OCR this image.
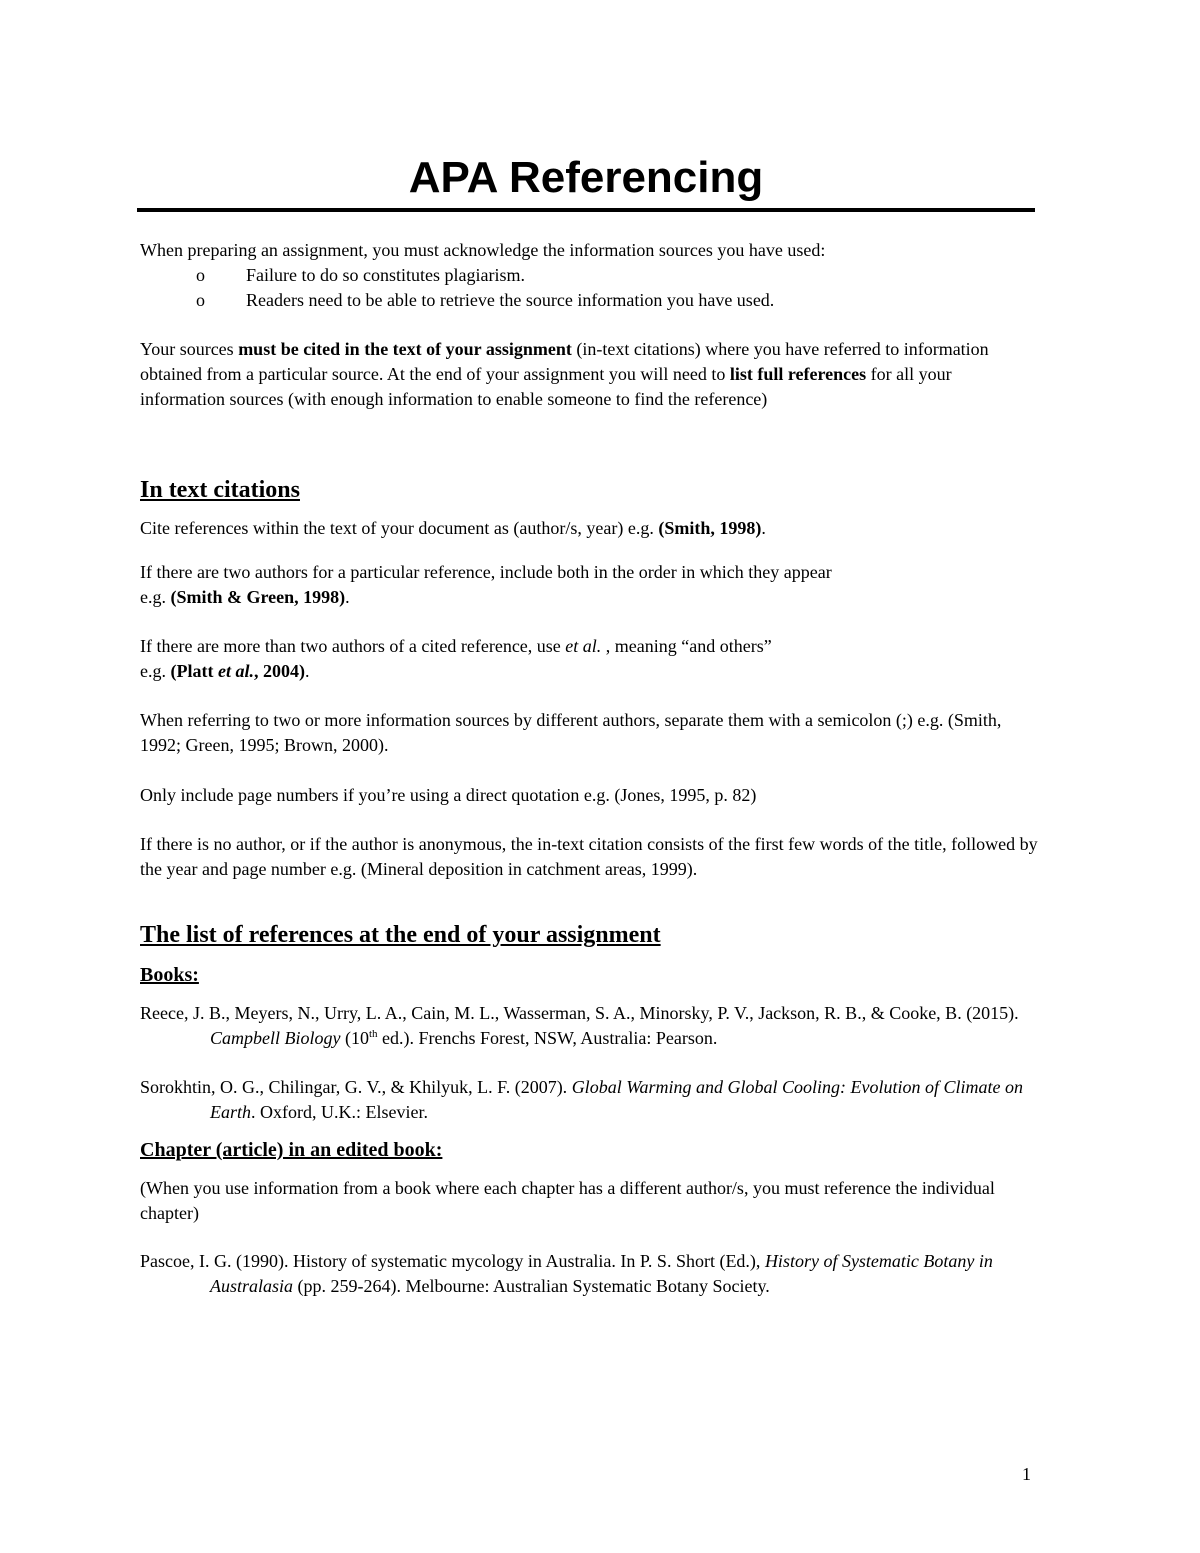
APA Referencing

When preparing an assignment, you must acknowledge the information sources you have used:

o Failure to do so constitutes plagiarism.
o Readers need to be able to retrieve the source information you have used.

Your sources must be cited in the text of your assignment (in-text citations) where you have referred to information obtained from a particular source. At the end of your assignment you will need to list full references for all your information sources (with enough information to enable someone to find the reference)

In text citations

Cite references within the text of your document as (author/s, year) e.g. (Smith, 1998).

If there are two authors for a particular reference, include both in the order in which they appear
e.g. (Smith & Green, 1998).

If there are more than two authors of a cited reference, use et al. , meaning “and others”
e.g. (Platt et al., 2004).

When referring to two or more information sources by different authors, separate them with a semicolon (;) e.g. (Smith, 1992; Green, 1995; Brown, 2000).

Only include page numbers if you’re using a direct quotation e.g. (Jones, 1995, p. 82)

If there is no author, or if the author is anonymous, the in-text citation consists of the first few words of the title, followed by the year and page number e.g. (Mineral deposition in catchment areas, 1999).

The list of references at the end of your assignment
Books:

Reece, J. B., Meyers, N., Urry, L. A., Cain, M. L., Wasserman, S. A., Minorsky, P. V., Jackson, R. B., & Cooke, B. (2015). Campbell Biology (10th ed.). Frenchs Forest, NSW, Australia: Pearson.

Sorokhtin, O. G., Chilingar, G. V., & Khilyuk, L. F. (2007). Global Warming and Global Cooling: Evolution of Climate on Earth. Oxford, U.K.: Elsevier.

Chapter (article) in an edited book:

(When you use information from a book where each chapter has a different author/s, you must reference the individual chapter)

Pascoe, I. G. (1990). History of systematic mycology in Australia. In P. S. Short (Ed.), History of Systematic Botany in Australasia (pp. 259-264). Melbourne: Australian Systematic Botany Society.

1
